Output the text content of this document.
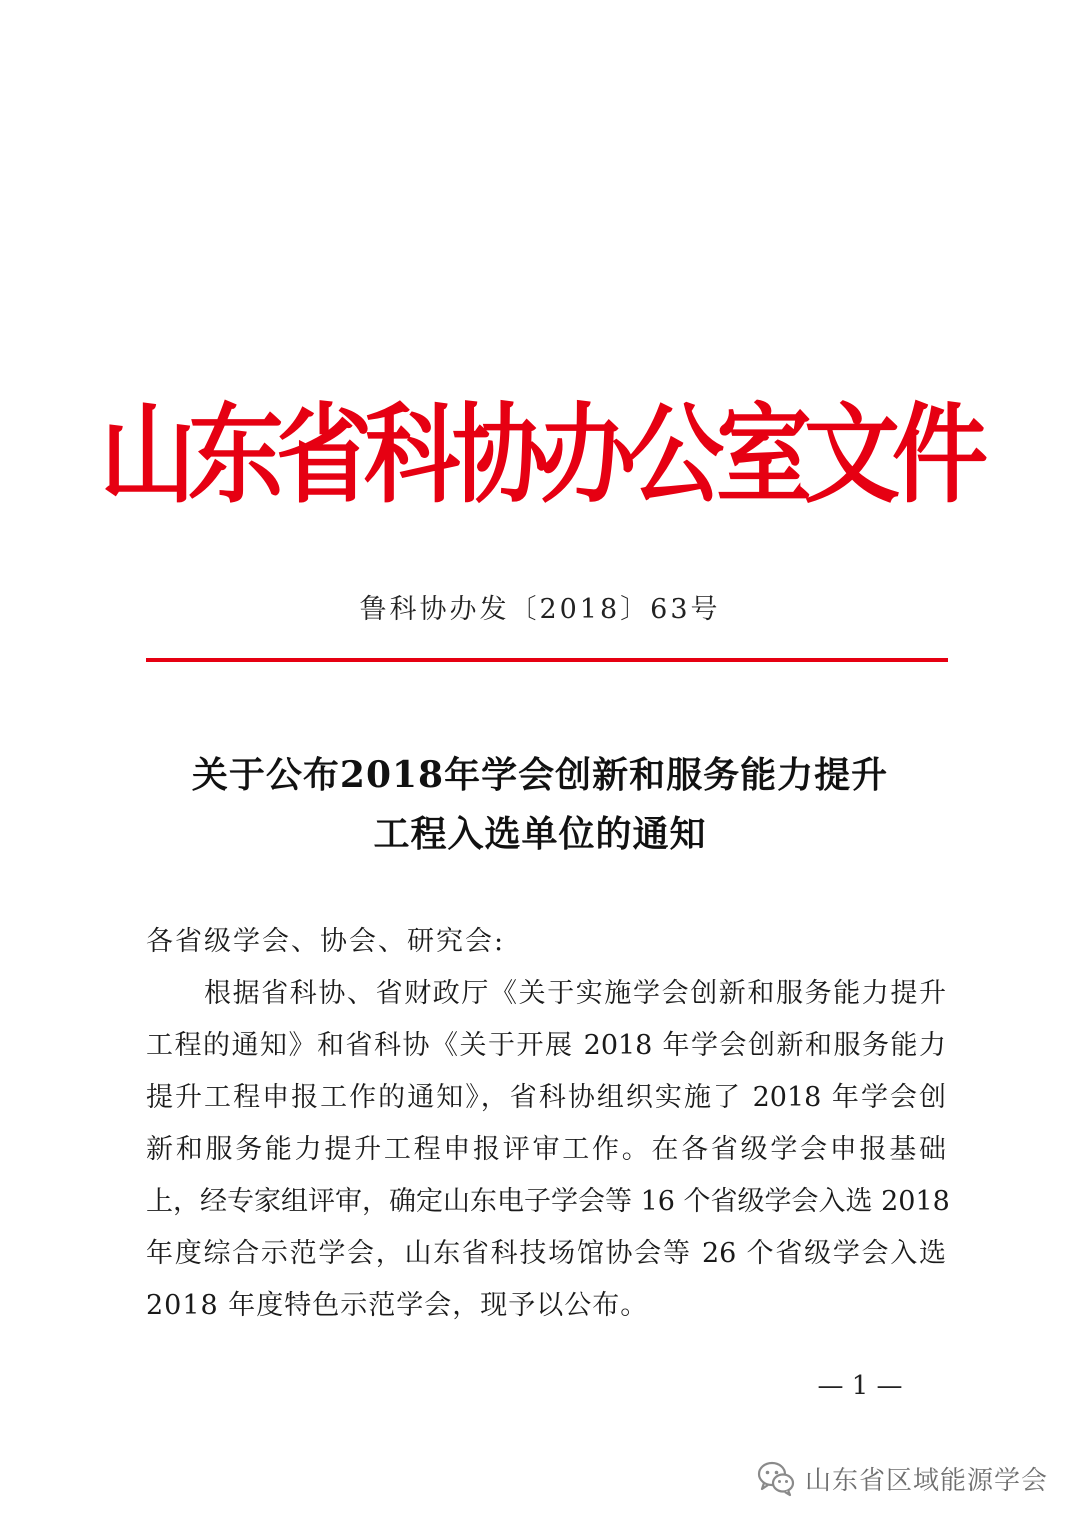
山东省科协办公室文件
鲁科协办发〔2018〕63号
关于公布2018年学会创新和服务能力提升
工程入选单位的通知
各省级学会、协会、研究会:
根据省科协、省财政厅《关于实施学会创新和服务能力提升
工程的通知》和省科协《关于开展 2018 年学会创新和服务能力
提升工程申报工作的通知》，省科协组织实施了 2018 年学会创
新和服务能力提升工程申报评审工作。在各省级学会申报基础
上，经专家组评审，确定山东电子学会等 16 个省级学会入选 2018
年度综合示范学会，山东省科技场馆协会等 26 个省级学会入选
2018 年度特色示范学会，现予以公布。
— 1 —
山东省区域能源学会
